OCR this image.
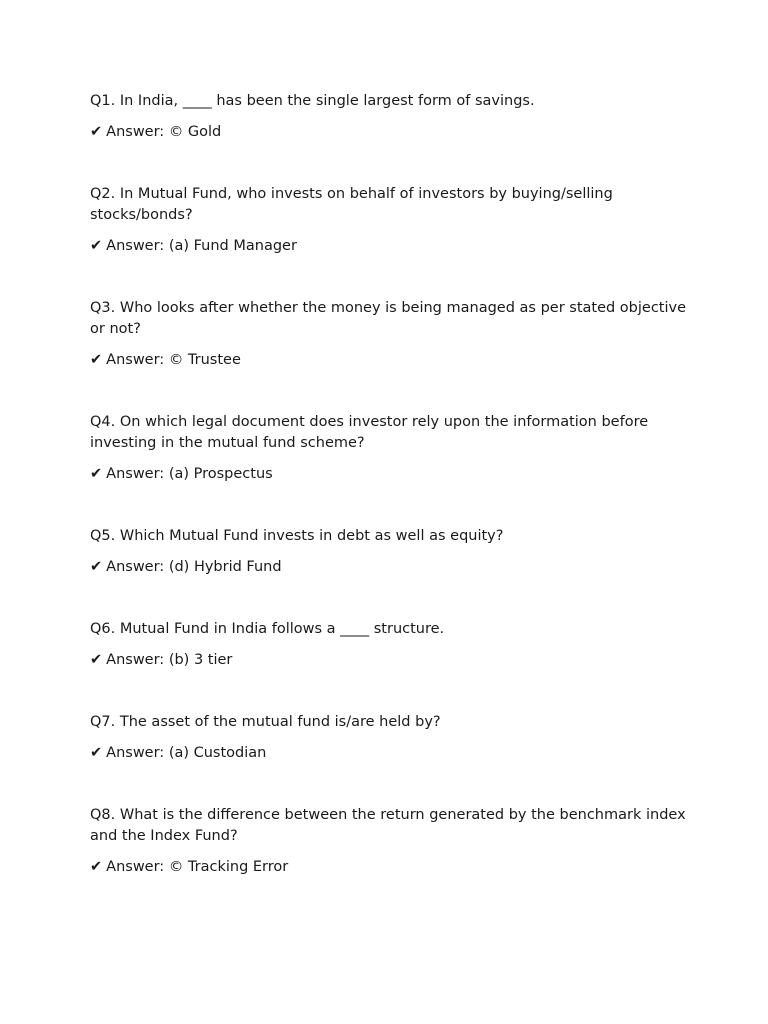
Q1. In India, ____ has been the single largest form of savings.

✔ Answer: © Gold

Q2. In Mutual Fund, who invests on behalf of investors by buying/selling stocks/bonds?

✔ Answer: (a) Fund Manager

Q3. Who looks after whether the money is being managed as per stated objective or not?

✔ Answer: © Trustee

Q4. On which legal document does investor rely upon the information before investing in the mutual fund scheme?

✔ Answer: (a) Prospectus

Q5. Which Mutual Fund invests in debt as well as equity?

✔ Answer: (d) Hybrid Fund

Q6. Mutual Fund in India follows a ____ structure.

✔ Answer: (b) 3 tier

Q7. The asset of the mutual fund is/are held by?

✔ Answer: (a) Custodian

Q8. What is the difference between the return generated by the benchmark index and the Index Fund?

✔ Answer: © Tracking Error
